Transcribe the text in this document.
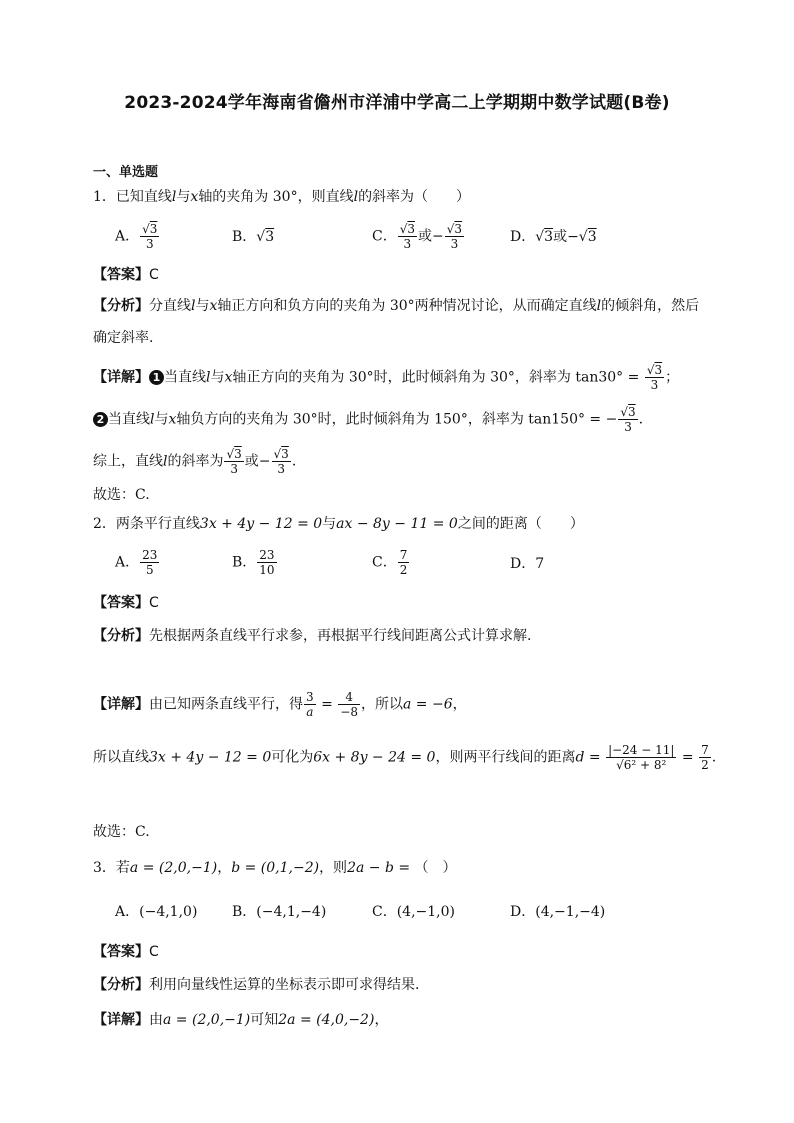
2023-2024学年海南省儋州市洋浦中学高二上学期期中数学试题(B卷)
一、单选题
1．已知直线l与x轴的夹角为 30°，则直线l的斜率为（　　）
A． $\frac{√3}{3}$	B．√3	C． $\frac{√3}{3}$ 或− $\frac{√3}{3}$	D．√3或−√3
【答案】C
【分析】分直线l与x轴正方向和负方向的夹角为 30°两种情况讨论，从而确定直线l的倾斜角，然后
确定斜率.
【详解】 1 当直线l与x轴正方向的夹角为 30°时，此时倾斜角为 30°，斜率为 $\tan 30^\circ = \frac{√3}{3}$ ；
2 当直线l与x轴负方向的夹角为 30°时，此时倾斜角为 150°，斜率为 tan150° = − $\frac{√3}{3}$ .
综上，直线l的斜率为 $\frac{√3}{3}$ 或− $\frac{√3}{3}$ .
故选：C.
2．两条平行直线3x + 4y − 12 = 0与ax − 8y − 11 = 0之间的距离（　　）
A． $\frac{23}{5}$	B． $\frac{23}{10}$	C． $\frac{7}{2}$	D．7
【答案】C
【分析】先根据两条直线平行求参，再根据平行线间距离公式计算求解.
【详解】由已知两条直线平行，得 $\frac{3}{a} = \frac{4}{-8}$ ，所以a = −6，
所以直线3x + 4y − 12 = 0可化为6x + 8y − 24 = 0，则两平行线间的距离$d = \frac{|-24 - 11|}{\text{√6² + 8²}} = \frac{7}{2}$ .
故选：C.
3．若a = (2,0,−1)，b = (0,1,−2)，则2a − b = （　）
A．(−4,1,0) B．(−4,1,−4)	C．(4,−1,0)	D．(4,−1,−4)
【答案】C
【分析】利用向量线性运算的坐标表示即可求得结果.
【详解】由a = (2,0,−1)可知2a = (4,0,−2)，
